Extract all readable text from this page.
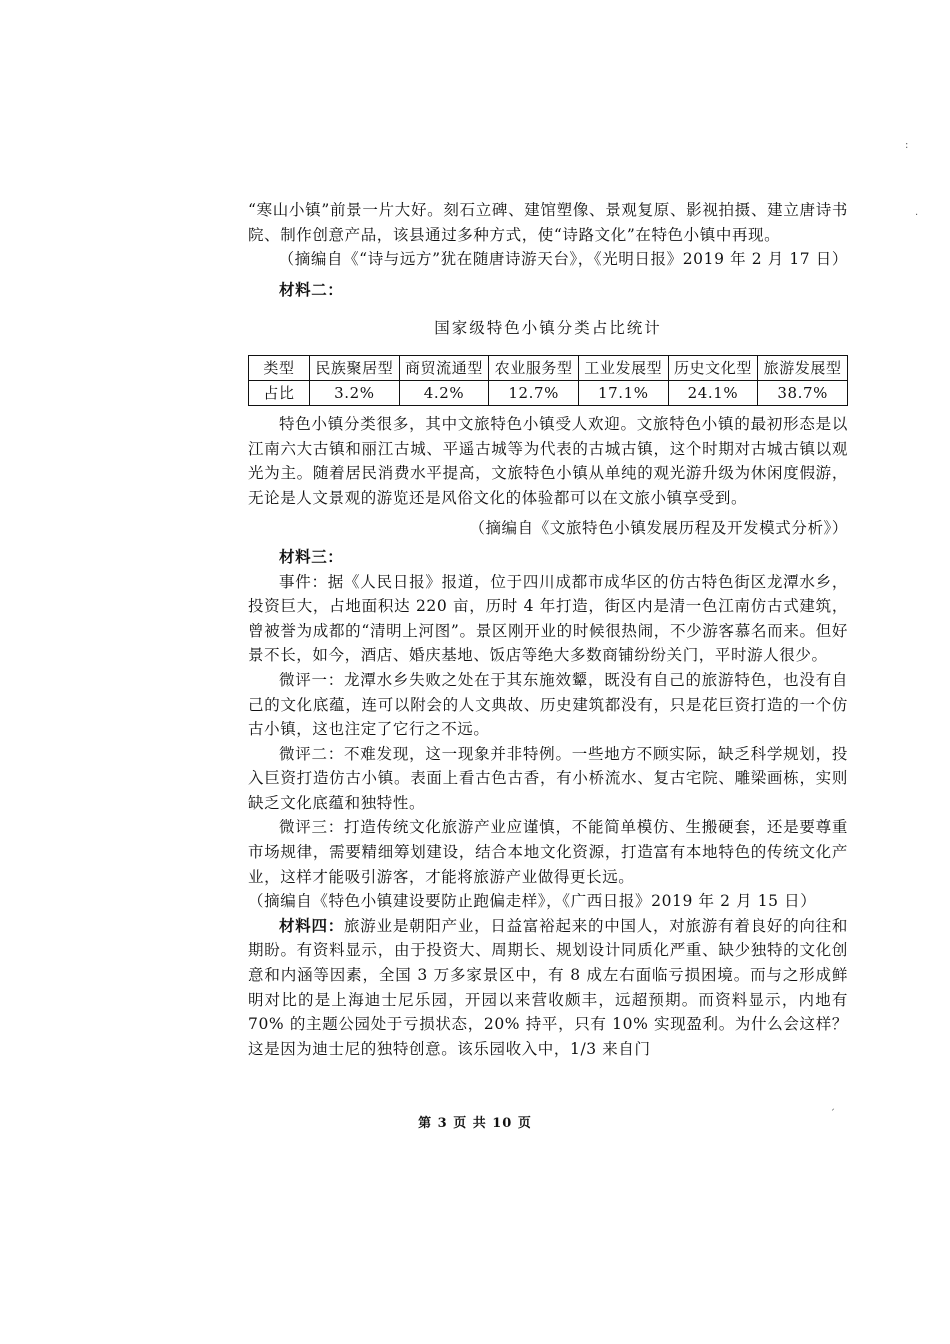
“寒山小镇”前景一片大好。刻石立碑、建馆塑像、景观复原、影视拍摄、建立唐诗书院、制作创意产品，该县通过多种方式，使“诗路文化”在特色小镇中再现。

（摘编自《“诗与远方”犹在随唐诗游天台》，《光明日报》2019 年 2 月 17 日）

材料二：

国家级特色小镇分类占比统计

类型	民族聚居型	商贸流通型	农业服务型	工业发展型	历史文化型	旅游发展型
占比	3.2%	4.2%	12.7%	17.1%	24.1%	38.7%

特色小镇分类很多，其中文旅特色小镇受人欢迎。文旅特色小镇的最初形态是以江南六大古镇和丽江古城、平遥古城等为代表的古城古镇，这个时期对古城古镇以观光为主。随着居民消费水平提高，文旅特色小镇从单纯的观光游升级为休闲度假游，无论是人文景观的游览还是风俗文化的体验都可以在文旅小镇享受到。

（摘编自《文旅特色小镇发展历程及开发模式分析》）

材料三：

事件：据《人民日报》报道，位于四川成都市成华区的仿古特色街区龙潭水乡，投资巨大，占地面积达 220 亩，历时 4 年打造，街区内是清一色江南仿古式建筑，曾被誉为成都的“清明上河图”。景区刚开业的时候很热闹，不少游客慕名而来。但好景不长，如今，酒店、婚庆基地、饭店等绝大多数商铺纷纷关门，平时游人很少。

微评一：龙潭水乡失败之处在于其东施效颦，既没有自己的旅游特色，也没有自己的文化底蕴，连可以附会的人文典故、历史建筑都没有，只是花巨资打造的一个仿古小镇，这也注定了它行之不远。

微评二：不难发现，这一现象并非特例。一些地方不顾实际，缺乏科学规划，投入巨资打造仿古小镇。表面上看古色古香，有小桥流水、复古宅院、雕梁画栋，实则缺乏文化底蕴和独特性。

微评三：打造传统文化旅游产业应谨慎，不能简单模仿、生搬硬套，还是要尊重市场规律，需要精细筹划建设，结合本地文化资源，打造富有本地特色的传统文化产业，这样才能吸引游客，才能将旅游产业做得更长远。

（摘编自《特色小镇建设要防止跑偏走样》，《广西日报》2019 年 2 月 15 日）

材料四：旅游业是朝阳产业，日益富裕起来的中国人，对旅游有着良好的向往和期盼。有资料显示，由于投资大、周期长、规划设计同质化严重、缺少独特的文化创意和内涵等因素，全国 3 万多家景区中，有 8 成左右面临亏损困境。而与之形成鲜明对比的是上海迪士尼乐园，开园以来营收颇丰，远超预期。而资料显示，内地有 70% 的主题公园处于亏损状态，20% 持平，只有 10% 实现盈利。为什么会这样？这是因为迪士尼的独特创意。该乐园收入中，1/3 来自门

第 3 页 共 10 页
:
·
ˏ
